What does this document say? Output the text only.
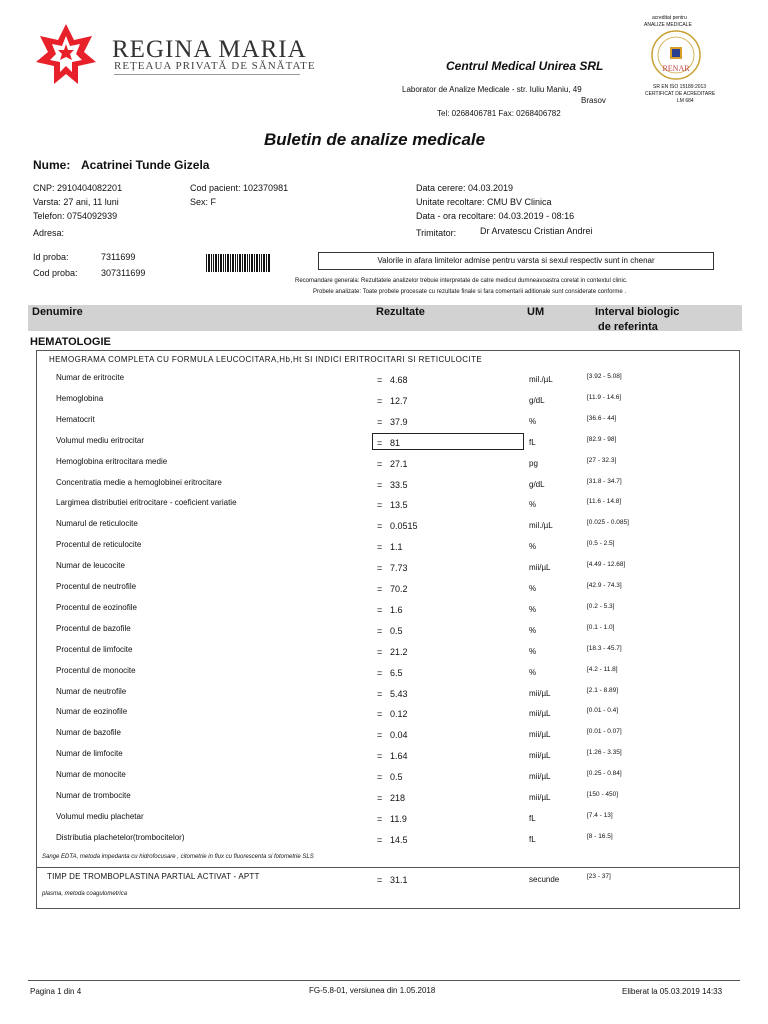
REGINA MARIA
REȚEAUA PRIVATĂ DE SĂNĂTATE
acreditat pentru
ANALIZE MEDICALE
RENAR
SR EN ISO 15189:2013
CERTIFICAT DE ACREDITARE
LM 684
Centrul Medical Unirea SRL
Laborator de Analize Medicale - str. Iuliu Maniu, 49
Brasov
Tel: 0268406781 Fax: 0268406782
Buletin de analize medicale
Nume: Acatrinei Tunde Gizela
CNP: 2910404082201
Varsta: 27 ani, 11 luni
Telefon: 0754092939
Adresa:
Cod pacient: 102370981
Sex: F
Data cerere: 04.03.2019
Unitate recoltare: CMU BV Clinica
Data - ora recoltare: 04.03.2019 - 08:16
Trimitator:	Dr Arvatescu Cristian Andrei
Id proba:	7311699
Cod proba:	307311699
Valorile in afara limitelor admise pentru varsta si sexul respectiv sunt in chenar
Recomandare generala: Rezultatele analizelor trebuie interpretate de catre medicul dumneavoastra corelat in contextul clinic.
Probele analizate: Toate probele procesate cu rezultate finale si fara comentarii aditionale sunt considerate conforme .
Denumire	Rezultate	UM	Interval biologic
de referinta
HEMATOLOGIE
HEMOGRAMA COMPLETA CU FORMULA LEUCOCITARA,Hb,Ht SI INDICI ERITROCITARI SI RETICULOCITE
Numar de eritrocite	= 4.68	mil./µL	[3.92 - 5.08]
Hemoglobina	= 12.7	g/dL	[11.9 - 14.6]
Hematocrit	= 37.9	%	[36.6 - 44]
Volumul mediu eritrocitar	= 81	fL	[82.9 - 98]
Hemoglobina eritrocitara medie	= 27.1	pg	[27 - 32.3]
Concentratia medie a hemoglobinei eritrocitare	= 33.5	g/dL	[31.8 - 34.7]
Largimea distributiei eritrocitare - coeficient variatie	= 13.5	%	[11.6 - 14.8]
Numarul de reticulocite	= 0.0515	mil./µL	[0.025 - 0.085]
Procentul de reticulocite	= 1.1	%	[0.5 - 2.5]
Numar de leucocite	= 7.73	mii/µL	[4.49 - 12.68]
Procentul de neutrofile	= 70.2	%	[42.9 - 74.3]
Procentul de eozinofile	= 1.6	%	[0.2 - 5.3]
Procentul de bazofile	= 0.5	%	[0.1 - 1.0]
Procentul de limfocite	= 21.2	%	[18.3 - 45.7]
Procentul de monocite	= 6.5	%	[4.2 - 11.8]
Numar de neutrofile	= 5.43	mii/µL	[2.1 - 8.89]
Numar de eozinofile	= 0.12	mii/µL	[0.01 - 0.4]
Numar de bazofile	= 0.04	mii/µL	[0.01 - 0.07]
Numar de limfocite	= 1.64	mii/µL	[1.26 - 3.35]
Numar de monocite	= 0.5	mii/µL	[0.25 - 0.84]
Numar de trombocite	= 218	mii/µL	[150 - 450]
Volumul mediu plachetar	= 11.9	fL	[7.4 - 13]
Distributia plachetelor(trombocitelor)	= 14.5	fL	[8 - 16.5]
Sange EDTA, metoda impedanta cu hidrofocusare , citometrie in flux cu fluorescenta si fotometrie SLS
TIMP DE TROMBOPLASTINA PARTIAL ACTIVAT - APTT	= 31.1	secunde	[23 - 37]
plasma, metoda coagulometrica
Pagina 1 din 4	FG-5.8-01, versiunea din 1.05.2018	Eliberat la 05.03.2019 14:33
